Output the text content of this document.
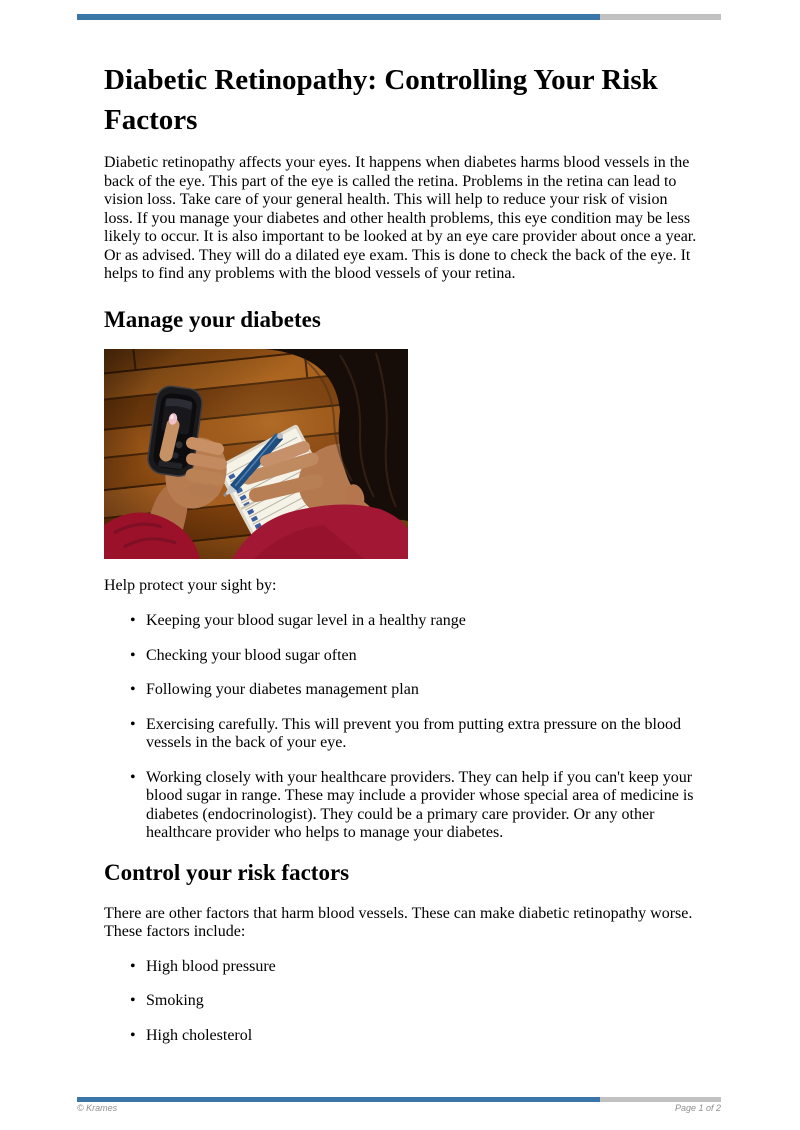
Diabetic Retinopathy: Controlling Your Risk Factors

Diabetic retinopathy affects your eyes. It happens when diabetes harms blood vessels in the back of the eye. This part of the eye is called the retina. Problems in the retina can lead to vision loss. Take care of your general health. This will help to reduce your risk of vision loss. If you manage your diabetes and other health problems, this eye condition may be less likely to occur. It is also important to be looked at by an eye care provider about once a year. Or as advised. They will do a dilated eye exam. This is done to check the back of the eye. It helps to find any problems with the blood vessels of your retina.

Manage your diabetes

Help protect your sight by:

• Keeping your blood sugar level in a healthy range
• Checking your blood sugar often
• Following your diabetes management plan
• Exercising carefully. This will prevent you from putting extra pressure on the blood vessels in the back of your eye.
• Working closely with your healthcare providers. They can help if you can't keep your blood sugar in range. These may include a provider whose special area of medicine is diabetes (endocrinologist). They could be a primary care provider. Or any other healthcare provider who helps to manage your diabetes.
Control your risk factors

There are other factors that harm blood vessels. These can make diabetic retinopathy worse. These factors include:

• High blood pressure
• Smoking
• High cholesterol
© Krames	Page 1 of 2
